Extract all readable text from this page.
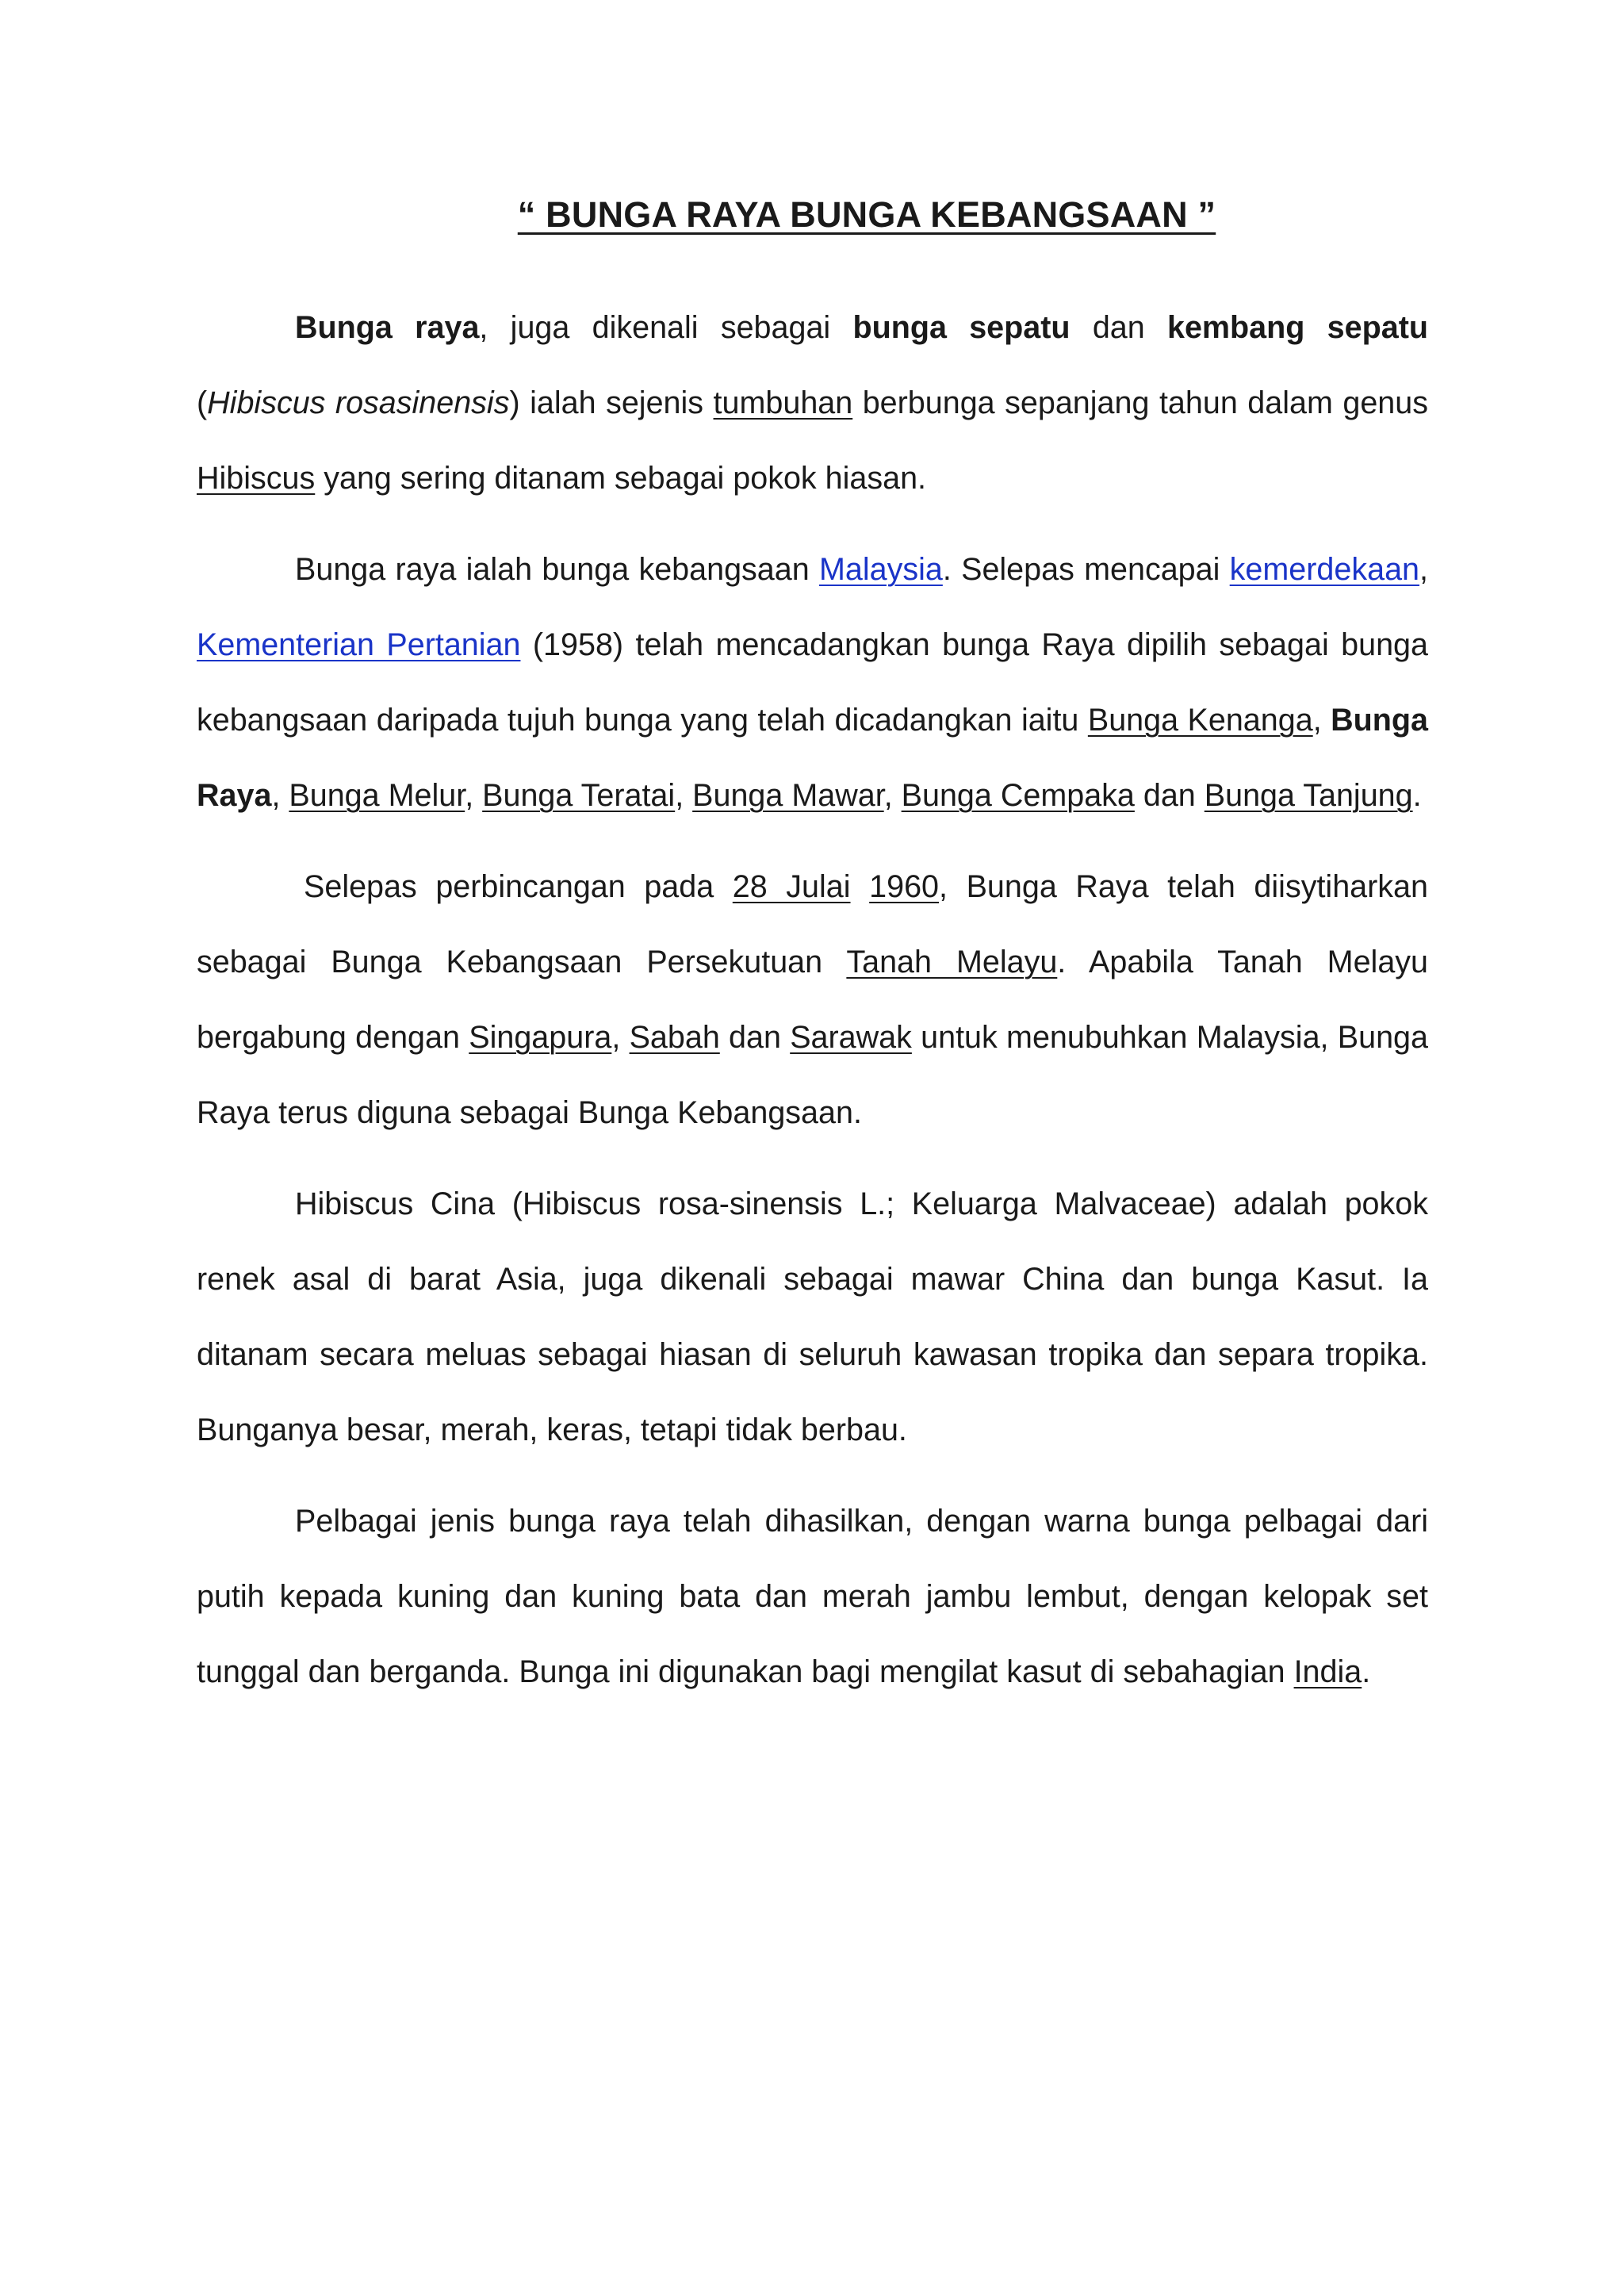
“ BUNGA RAYA BUNGA KEBANGSAAN ”

Bunga raya, juga dikenali sebagai bunga sepatu dan kembang sepatu (Hibiscus rosasinensis) ialah sejenis tumbuhan berbunga sepanjang tahun dalam genus Hibiscus yang sering ditanam sebagai pokok hiasan.

Bunga raya ialah bunga kebangsaan Malaysia. Selepas mencapai kemerdekaan, Kementerian Pertanian (1958) telah mencadangkan bunga Raya dipilih sebagai bunga kebangsaan daripada tujuh bunga yang telah dicadangkan iaitu Bunga Kenanga, Bunga Raya, Bunga Melur, Bunga Teratai, Bunga Mawar, Bunga Cempaka dan Bunga Tanjung.

Selepas perbincangan pada 28 Julai 1960, Bunga Raya telah diisytiharkan sebagai Bunga Kebangsaan Persekutuan Tanah Melayu. Apabila Tanah Melayu bergabung dengan Singapura, Sabah dan Sarawak untuk menubuhkan Malaysia, Bunga Raya terus diguna sebagai Bunga Kebangsaan.

Hibiscus Cina (Hibiscus rosa-sinensis L.; Keluarga Malvaceae) adalah pokok renek asal di barat Asia, juga dikenali sebagai mawar China dan bunga Kasut. Ia ditanam secara meluas sebagai hiasan di seluruh kawasan tropika dan separa tropika. Bunganya besar, merah, keras, tetapi tidak berbau.

Pelbagai jenis bunga raya telah dihasilkan, dengan warna bunga pelbagai dari putih kepada kuning dan kuning bata dan merah jambu lembut, dengan kelopak set tunggal dan berganda. Bunga ini digunakan bagi mengilat kasut di sebahagian India.
